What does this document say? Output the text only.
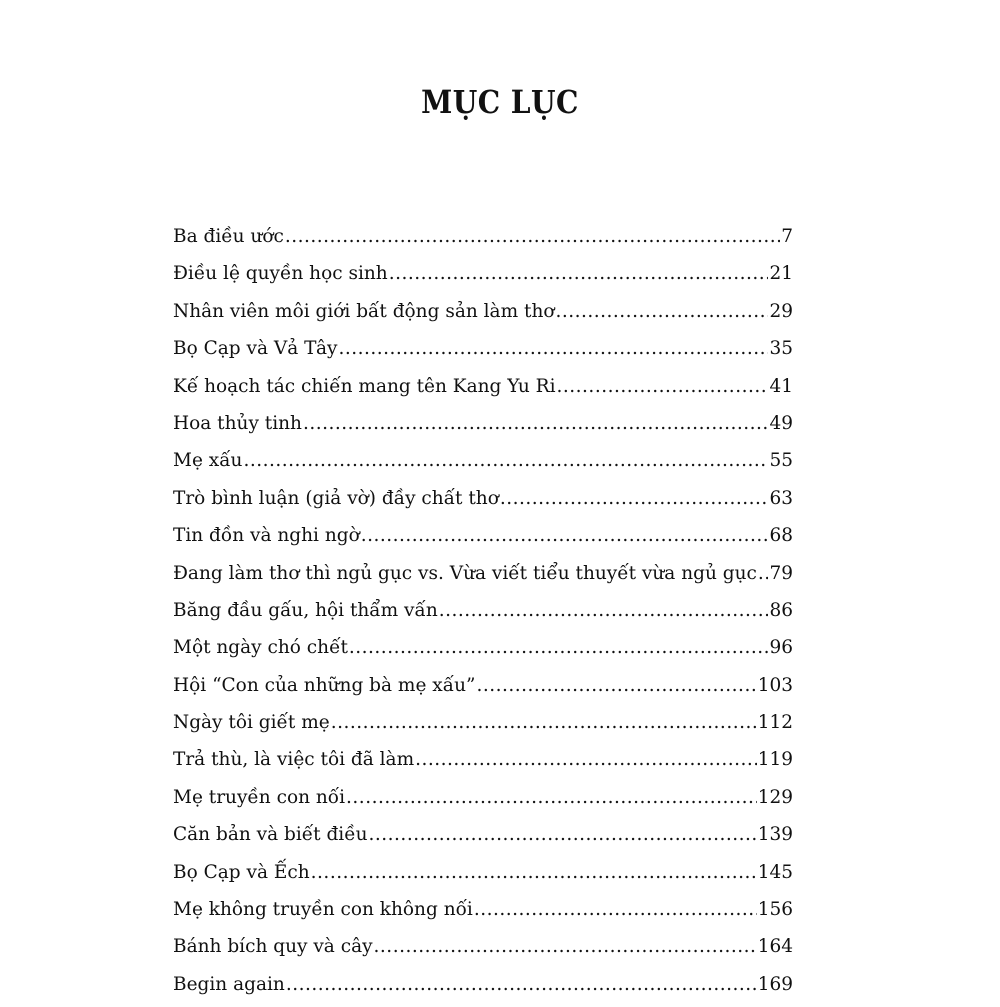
MỤC LỤC
Ba điều ước .....	7
Điều lệ quyền học sinh .....	21
Nhân viên môi giới bất động sản làm thơ .....	29
Bọ Cạp và Vả Tây .....	35
Kế hoạch tác chiến mang tên Kang Yu Ri .....	41
Hoa thủy tinh .....	49
Mẹ xấu .....	55
Trò bình luận (giả vờ) đầy chất thơ .....	63
Tin đồn và nghi ngờ .....	68
Đang làm thơ thì ngủ gục vs. Vừa viết tiểu thuyết vừa ngủ gục ..... 79
Băng đầu gấu, hội thẩm vấn .....	86
Một ngày chó chết .....	96
Hội “Con của những bà mẹ xấu” .....	103
Ngày tôi giết mẹ .....	112
Trả thù, là việc tôi đã làm .....	119
Mẹ truyền con nối .....	129
Căn bản và biết điều .....	139
Bọ Cạp và Ếch .....	145
Mẹ không truyền con không nối .....	156
Bánh bích quy và cây .....	164
Begin again .....	169
